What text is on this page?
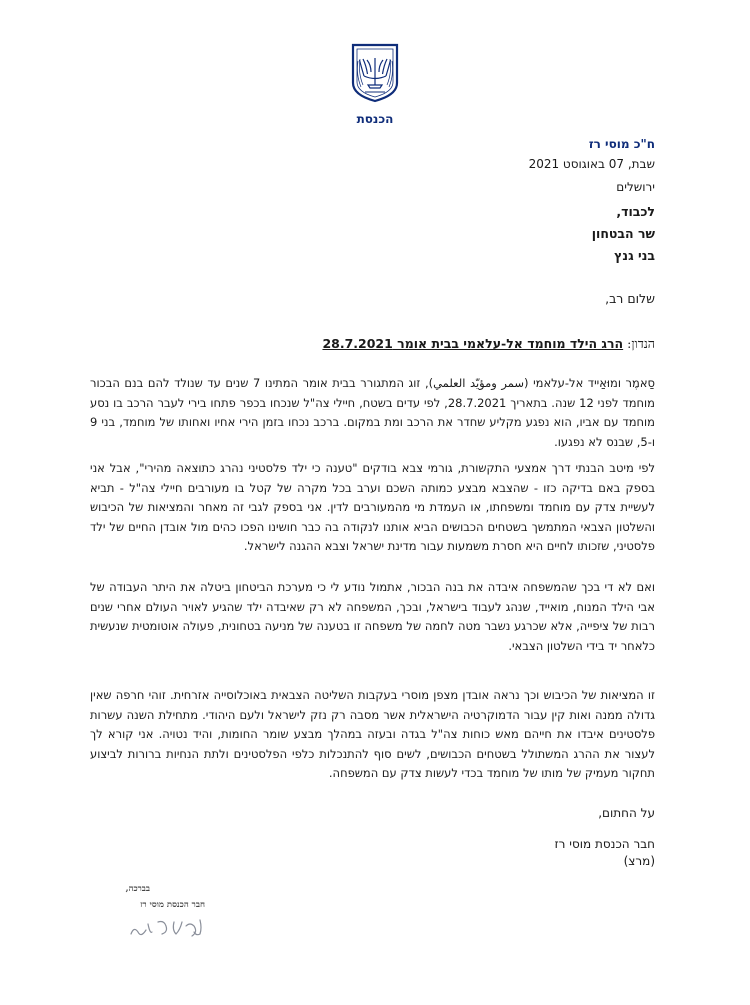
הכנסת
ח"כ מוסי רז
שבת, 07 באוגוסט 2021
ירושלים
לכבוד,
שר הבטחון
בני גנץ
שלום רב,
הנדון: הרג הילד מוחמד אל-עלאמי בבית אומר 28.7.2021
סַאמֶר ומוּאַייד אל-עלאמי (سمر ومؤيّد العلمي), זוג המתגורר בבית אומר המתינו 7 שנים עד שנולד להם בנם הבכור מוחמד לפני 12 שנה. בתאריך 28.7.2021, לפי עדים בשטח, חיילי צה"ל שנכחו בכפר פתחו בירי לעבר הרכב בו נסע מוחמד עם אביו, הוא נפגע מקליע שחדר את הרכב ומת במקום. ברכב נכחו בזמן הירי אחיו ואחותו של מוחמד, בני 9 ו-5, שבנס לא נפגעו.
לפי מיטב הבנתי דרך אמצעי התקשורת, גורמי צבא בודקים "טענה כי ילד פלסטיני נהרג כתוצאה מהירי", אבל אני בספק באם בדיקה כזו - שהצבא מבצע כמותה השכם וערב בכל מקרה של קטל בו מעורבים חיילי צה"ל - תביא לעשיית צדק עם מוחמד ומשפחתו, או העמדת מי מהמעורבים לדין. אני בספק לגבי זה מאחר והמציאות של הכיבוש והשלטון הצבאי המתמשך בשטחים הכבושים הביא אותנו לנקודה בה כבר חושינו הפכו כהים מול אובדן החיים של ילד פלסטיני, שזכותו לחיים היא חסרת משמעות עבור מדינת ישראל וצבא ההגנה לישראל.
ואם לא די בכך שהמשפחה איבדה את בנה הבכור, אתמול נודע לי כי מערכת הביטחון ביטלה את היתר העבודה של אבי הילד המנוח, מואייד, שנהג לעבוד בישראל, ובכך, המשפחה לא רק שאיבדה ילד שהגיע לאויר העולם אחרי שנים רבות של ציפייה, אלא שכרגע נשבר מטה לחמה של משפחה זו בטענה של מניעה בטחונית, פעולה אוטומטית שנעשית כלאחר יד בידי השלטון הצבאי.
זו המציאות של הכיבוש וכך נראה אובדן מצפן מוסרי בעקבות השליטה הצבאית באוכלוסייה אזרחית. זוהי חרפה שאין גדולה ממנה ואות קין עבור הדמוקרטיה הישראלית אשר מסבה רק נזק לישראל ולעם היהודי. מתחילת השנה עשרות פלסטינים איבדו את חייהם מאש כוחות צה"ל בגדה ובעזה במהלך מבצע שומר החומות, והיד נטויה. אני קורא לך לעצור את ההרג המשתולל בשטחים הכבושים, לשים סוף להתנכלות כלפי הפלסטינים ולתת הנחיות ברורות לביצוע תחקור מעמיק של מותו של מוחמד בכדי לעשות צדק עם המשפחה.
על החתום,
חבר הכנסת מוסי רז
(מרצ)
בברכה,
חבר הכנסת מוסי רז
